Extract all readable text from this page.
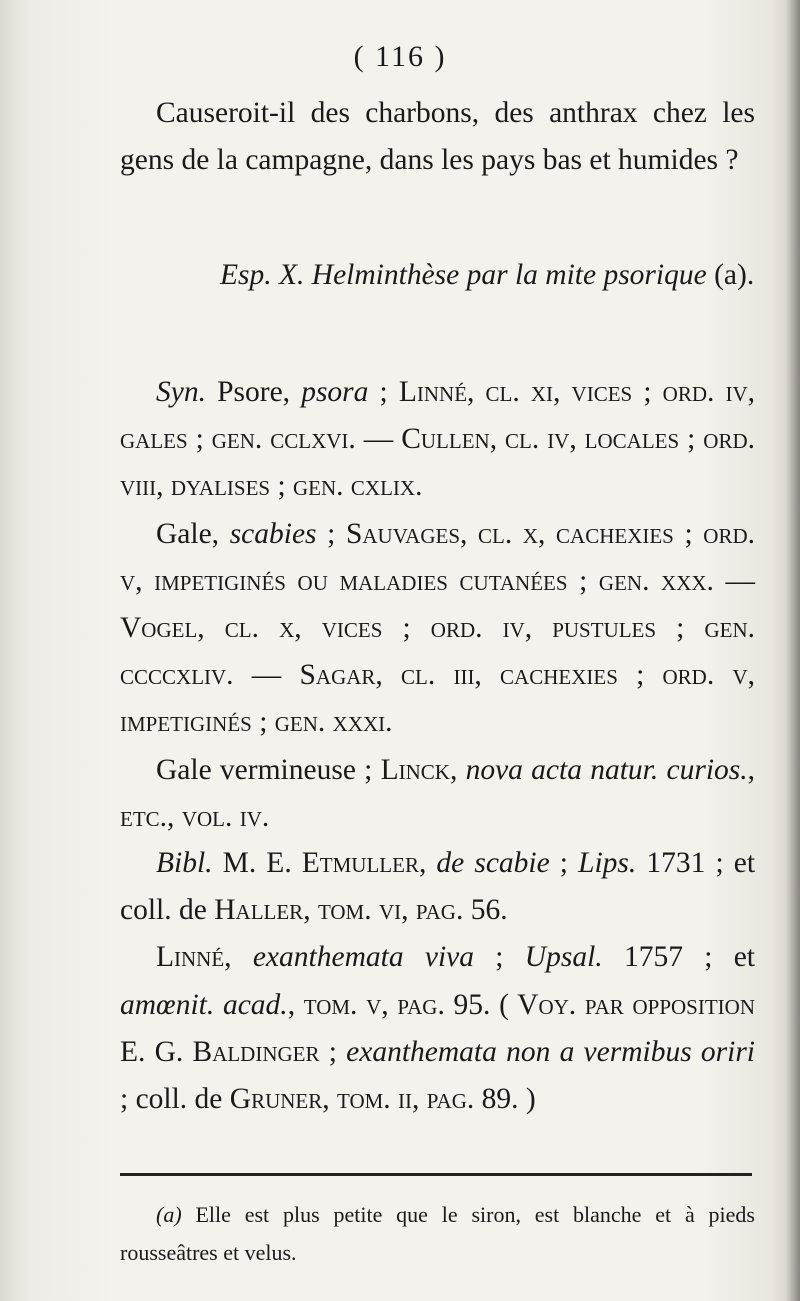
( 116 )

Causeroit-il des charbons, des anthrax chez les gens de la campagne, dans les pays bas et humides ?

Esp. X. Helminthèse par la mite psorique (a).

Syn. Psore, psora ; Linné, cl. xi, vices ; ord. iv, gales ; gen. cclxvi. — Cullen, cl. iv, locales ; ord. viii, dyalises ; gen. cxlix.

Gale, scabies ; Sauvages, cl. x, cachexies ; ord. v, impetiginés ou maladies cutanées ; gen. xxx. — Vogel, cl. x, vices ; ord. iv, pustules ; gen. ccccxliv. — Sagar, cl. iii, cachexies ; ord. v, impetiginés ; gen. xxxi.

Gale vermineuse ; Linck, nova acta natur. curios., etc., vol. iv.

Bibl. M. E. Etmuller, de scabie ; Lips. 1731 ; et coll. de Haller, tom. vi, pag. 56.

Linné, exanthemata viva ; Upsal. 1757 ; et amœnit. acad., tom. v, pag. 95. ( Voy. par opposition E. G. Baldinger ; exanthemata non a vermibus oriri ; coll. de Gruner, tom. ii, pag. 89. )

(a) Elle est plus petite que le siron, est blanche et à pieds rousseâtres et velus.
